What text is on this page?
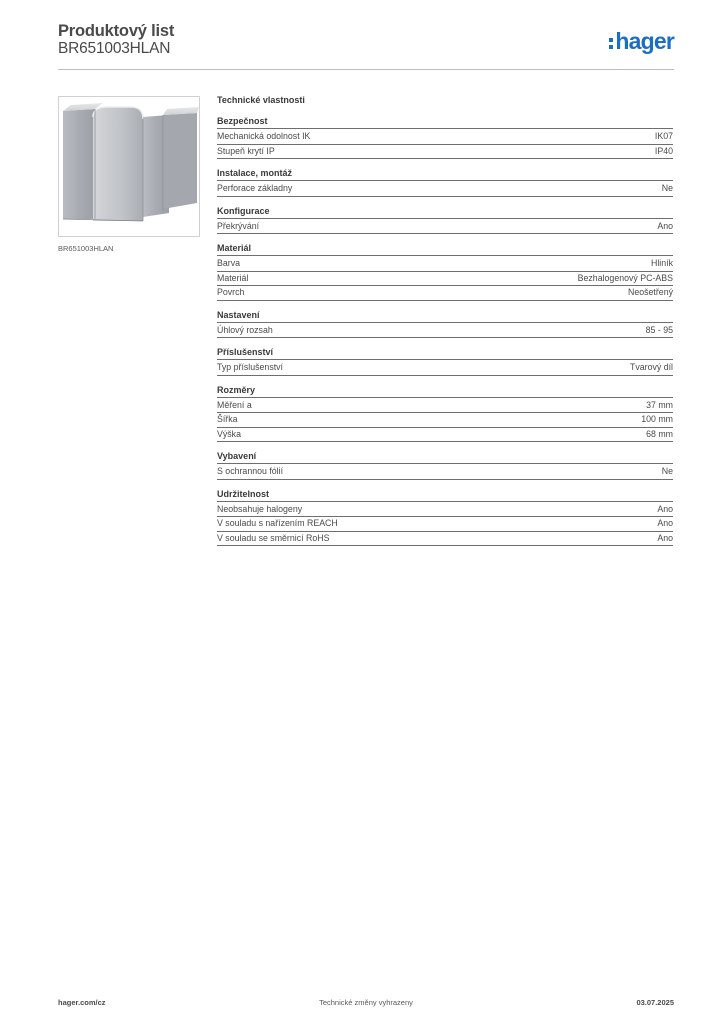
Produktový list
BR651003HLAN	hager
BR651003HLAN
Technické vlastnosti
Bezpečnost
Mechanická odolnost IK	IK07
Stupeň krytí IP	IP40
Instalace, montáž
Perforace základny	Ne
Konfigurace
Překrývání	Ano
Materiál
Barva	Hliník
Materiál	Bezhalogenový PC-ABS
Povrch	Neošetřený
Nastavení
Úhlový rozsah	85 - 95
Příslušenství
Typ příslušenství	Tvarový díl
Rozměry
Měření a	37 mm
Šířka	100 mm
Výška	68 mm
Vybavení
S ochrannou fólií	Ne
Udržitelnost
Neobsahuje halogeny	Ano
V souladu s nařízením REACH	Ano
V souladu se směrnicí RoHS	Ano
hager.com/cz	Technické změny vyhrazeny	03.07.2025
